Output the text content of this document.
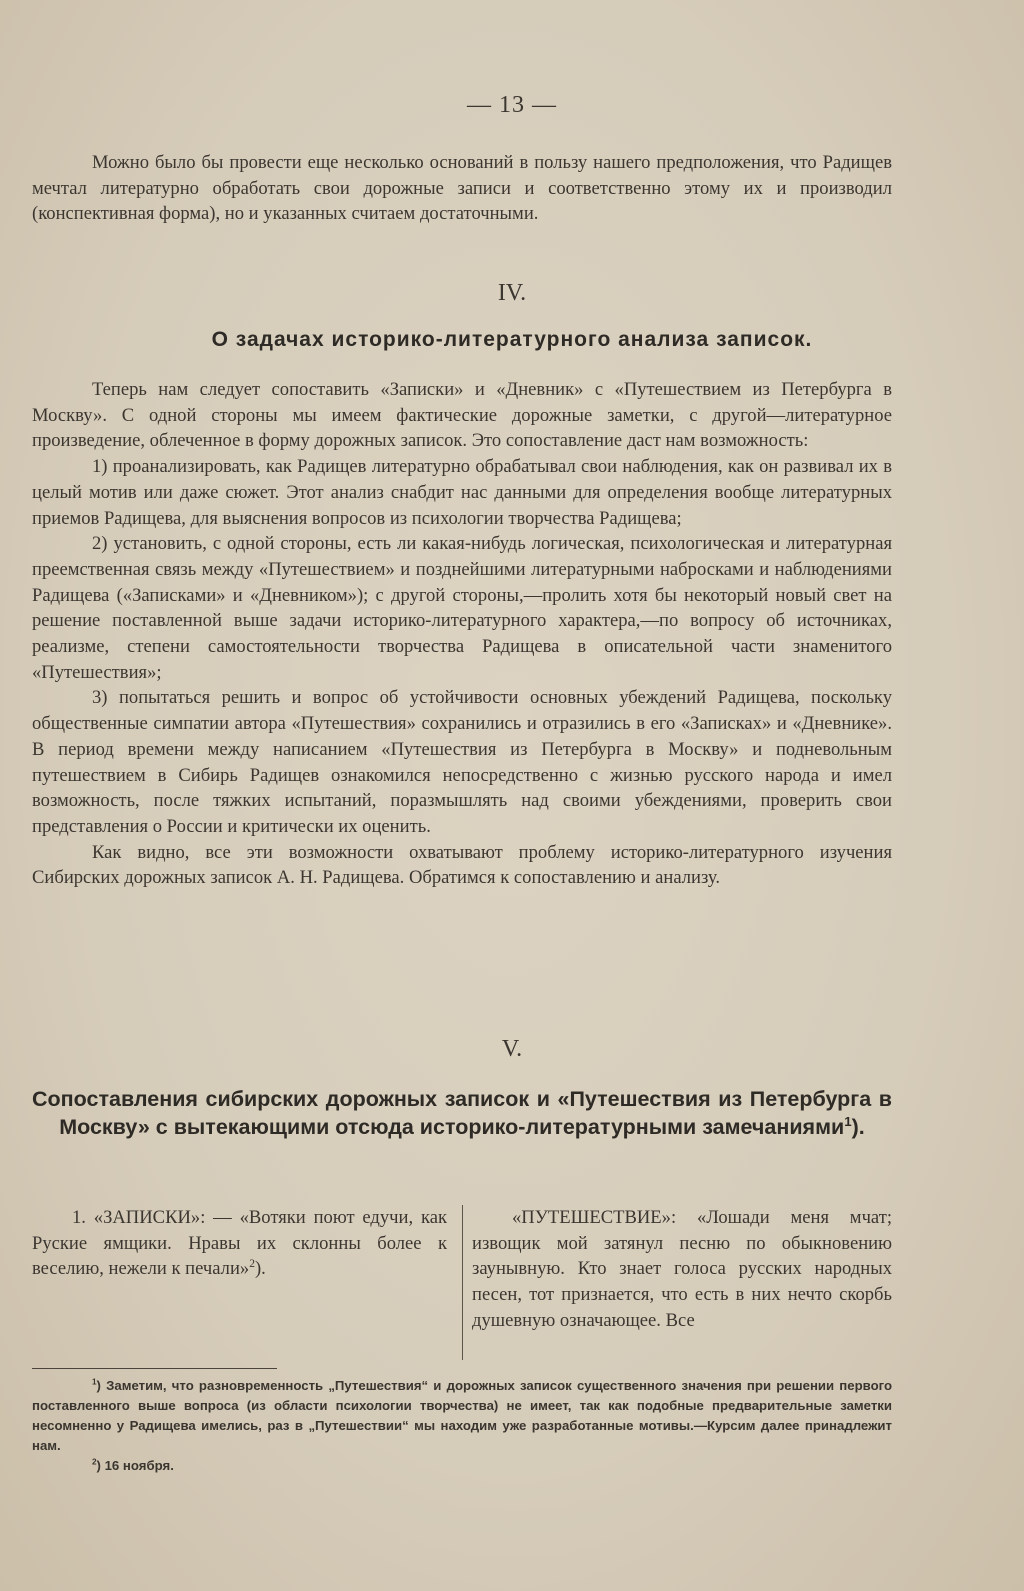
— 13 —

Можно было бы провести еще несколько оснований в пользу нашего предположения, что Радищев мечтал литературно обработать свои дорожные записи и соответственно этому их и производил (конспективная форма), но и указанных считаем достаточными.

IV.
О задачах историко-литературного анализа записок.

Теперь нам следует сопоставить «Записки» и «Дневник» с «Путешествием из Петербурга в Москву». С одной стороны мы имеем фактические дорожные заметки, с другой—литературное произведение, облеченное в форму дорожных записок. Это сопоставление даст нам возможность:

1) проанализировать, как Радищев литературно обрабатывал свои наблюдения, как он развивал их в целый мотив или даже сюжет. Этот анализ снабдит нас данными для определения вообще литературных приемов Радищева, для выяснения вопросов из психологии творчества Радищева;

2) установить, с одной стороны, есть ли какая-нибудь логическая, психологическая и литературная преемственная связь между «Путешествием» и позднейшими литературными набросками и наблюдениями Радищева («Записками» и «Дневником»); с другой стороны,—пролить хотя бы некоторый новый свет на решение поставленной выше задачи историко-литературного характера,—по вопросу об источниках, реализме, степени самостоятельности творчества Радищева в описательной части знаменитого «Путешествия»;

3) попытаться решить и вопрос об устойчивости основных убеждений Радищева, поскольку общественные симпатии автора «Путешествия» сохранились и отразились в его «Записках» и «Дневнике». В период времени между написанием «Путешествия из Петербурга в Москву» и подневольным путешествием в Сибирь Радищев ознакомился непосредственно с жизнью русского народа и имел возможность, после тяжких испытаний, поразмышлять над своими убеждениями, проверить свои представления о России и критически их оценить.

Как видно, все эти возможности охватывают проблему историко-литературного изучения Сибирских дорожных записок А. Н. Радищева. Обратимся к сопоставлению и анализу.

V.
Сопоставления сибирских дорожных записок и «Путешествия из Петербурга в Москву» с вытекающими отсюда историко-литературными замечаниями$^1$).

1. «ЗАПИСКИ»: — «Вотяки поют едучи, как Руские ямщики. Нравы их склонны более к веселию, нежели к печали»$^2$).

«ПУТЕШЕСТВИЕ»: «Лошади меня мчат; извощик мой затянул песню по обыкновению заунывную. Кто знает голоса русских народных песен, тот признается, что есть в них нечто скорбь душевную означающее. Все

$^1$) Заметим, что разновременность „Путешествия“ и дорожных записок существенного значения при решении первого поставленного выше вопроса (из области психологии творчества) не имеет, так как подобные предварительные заметки несомненно у Радищева имелись, раз в „Путешествии“ мы находим уже разработанные мотивы.—Курсим далее принадлежит нам.

$^2$) 16 ноября.
